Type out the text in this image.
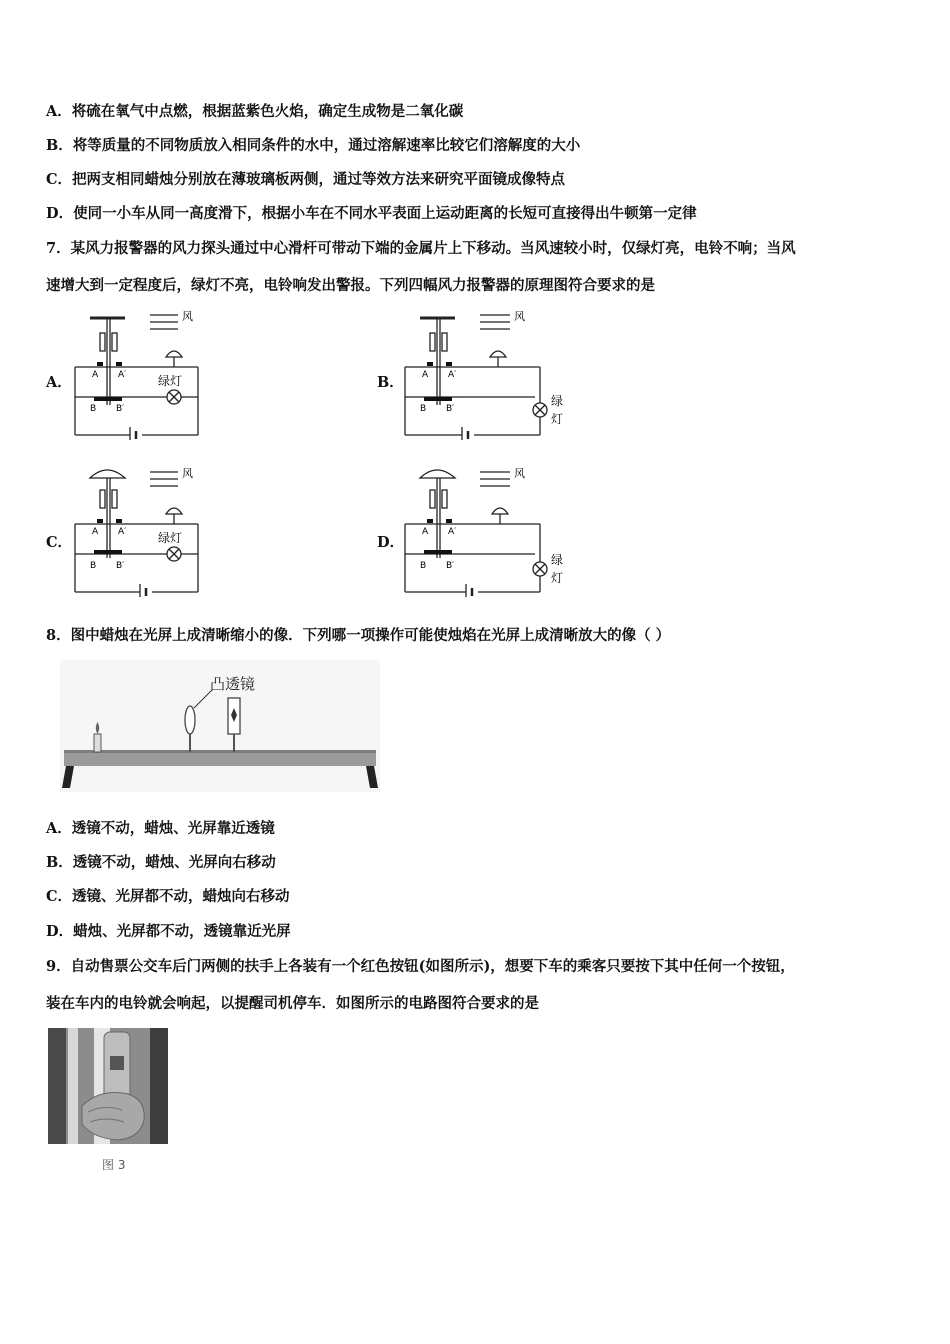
A．将硫在氧气中点燃，根据蓝紫色火焰，确定生成物是二氧化碳
B．将等质量的不同物质放入相同条件的水中，通过溶解速率比较它们溶解度的大小
C．把两支相同蜡烛分别放在薄玻璃板两侧，通过等效方法来研究平面镜成像特点
D．使同一小车从同一高度滑下，根据小车在不同水平表面上运动距离的长短可直接得出牛顿第一定律
7．某风力报警器的风力探头通过中心滑杆可带动下端的金属片上下移动。当风速较小时，仅绿灯亮，电铃不响；当风
速增大到一定程度后，绿灯不亮，电铃响发出警报。下列四幅风力报警器的原理图符合要求的是
A．	B．
C．	D．
风
A A′
B B′
绿灯
风
A A′
B B′
绿
灯
风
A A′
B B′
绿灯
风
A A′
B B′	绿
灯
8．图中蜡烛在光屏上成清晰缩小的像．下列哪一项操作可能使烛焰在光屏上成清晰放大的像（ ）
凸透镜
A．透镜不动，蜡烛、光屏靠近透镜
B．透镜不动，蜡烛、光屏向右移动
C．透镜、光屏都不动，蜡烛向右移动
D．蜡烛、光屏都不动，透镜靠近光屏
9．自动售票公交车后门两侧的扶手上各装有一个红色按钮(如图所示)，想要下车的乘客只要按下其中任何一个按钮，
装在车内的电铃就会响起，以提醒司机停车．如图所示的电路图符合要求的是
图 3
